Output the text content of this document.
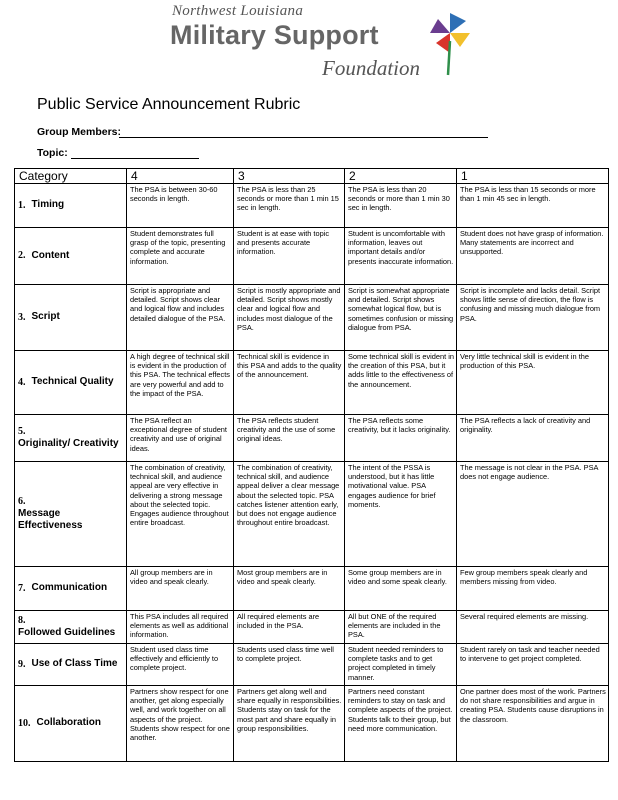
Northwest Louisiana
Military Support
Foundation
Public Service Announcement Rubric
Group Members:
Topic:
Category	4	3	2	1
1. Timing	The PSA is between 30-60 seconds in length.	The PSA is less than 25 seconds or more than 1 min 15 sec in length.	The PSA is less than 20 seconds or more than 1 min 30 sec in length.	The PSA is less than 15 seconds or more than 1 min 45 sec in length.
2. Content	Student demonstrates full grasp of the topic, presenting complete and accurate information.	Student is at ease with topic and presents accurate information.	Student is uncomfortable with information, leaves out important details and/or presents inaccurate information.	Student does not have grasp of information. Many statements are incorrect and unsupported.
3. Script	Script is appropriate and detailed. Script shows clear and logical flow and includes detailed dialogue of the PSA.	Script is mostly appropriate and detailed. Script shows mostly clear and logical flow and includes most dialogue of the PSA.	Script is somewhat appropriate and detailed. Script shows somewhat logical flow, but is sometimes confusion or missing dialogue from PSA.	Script is incomplete and lacks detail. Script shows little sense of direction, the flow is confusing and missing much dialogue from PSA.
4. Technical Quality	A high degree of technical skill is evident in the production of this PSA. The technical effects are very powerful and add to the impact of the PSA.	Technical skill is evidence in this PSA and adds to the quality of the announcement.	Some technical skill is evident in the creation of this PSA, but it adds little to the effectiveness of the announcement.	Very little technical skill is evident in the production of this PSA.
5.Originality/ Creativity	The PSA reflect an exceptional degree of student creativity and use of original ideas.	The PSA reflects student creativity and the use of some original ideas.	The PSA reflects some creativity, but it lacks originality.	The PSA reflects a lack of creativity and originality.
6.Message Effectiveness	The combination of creativity, technical skill, and audience appeal are very effective in delivering a strong message about the selected topic. Engages audience throughout entire broadcast.	The combination of creativity, technical skill, and audience appeal deliver a clear message about the selected topic. PSA catches listener attention early, but does not engage audience throughout entire broadcast.	The intent of the PSSA is understood, but it has little motivational value. PSA engages audience for brief moments.	The message is not clear in the PSA. PSA does not engage audience.
7. Communication	All group members are in video and speak clearly.	Most group members are in video and speak clearly.	Some group members are in video and some speak clearly.	Few group members speak clearly and members missing from video.
8.Followed Guidelines	This PSA includes all required elements as well as additional information.	All required elements are included in the PSA.	All but ONE of the required elements are included in the PSA.	Several required elements are missing.
9. Use of Class Time	Student used class time effectively and efficiently to complete project.	Students used class time well to complete project.	Student needed reminders to complete tasks and to get project completed in timely manner.	Student rarely on task and teacher needed to intervene to get project completed.
10. Collaboration	Partners show respect for one another, get along especially well, and work together on all aspects of the project. Students show respect for one another.	Partners get along well and share equally in responsibilities. Students stay on task for the most part and share equally in group responsibilities.	Partners need constant reminders to stay on task and complete aspects of the project. Students talk to their group, but need more communication.	One partner does most of the work. Partners do not share responsibilities and argue in creating PSA. Students cause disruptions in the classroom.
